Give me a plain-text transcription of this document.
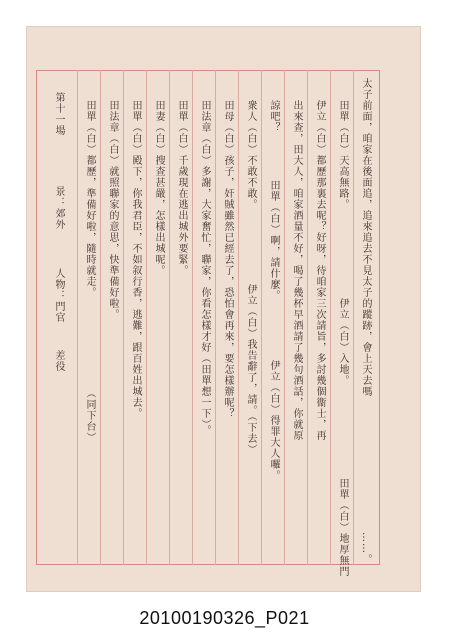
太子前面，咱家在後面追，追來追去不見太子的蹤跡，會上天去嗎
……。
田單（白）天高無路。
伊立（白）入地。
田單（白）地厚無門
伊立（白）都歷那裏去呢？好呀，待咱家三次請旨，多討幾個衞士，再
出來查，田大人，咱家酒量不好，喝了幾杯早酒請了幾句酒話，你就原
諒吧？
田單（白）啊，請什麼。
伊立（白）得罪大人囉。
衆人（白）不敢不敢。
伊立（白）我告辭了，請。（下去）
田母（白）孩子，奸賊雖然已經去了，恐怕會再來，要怎樣辦呢？
田法章（白）多謝，大家奮忙，聯家，你看怎樣才好（田單想一下）。
田單（白）千歲現在逃出城外要緊。
田妻（白）搜查甚嚴，怎樣出城呢。
田單（白）殿下，你我君臣，不如叙行香，逃難，跟百姓出城去。
田法章（白）就照聯家的意思，快準備好啦。
田單（白）都歷，準備好啦，隨時就走。
（同下台）
第十一場
景：郊外
人物：門官
差役
20100190326_P021
